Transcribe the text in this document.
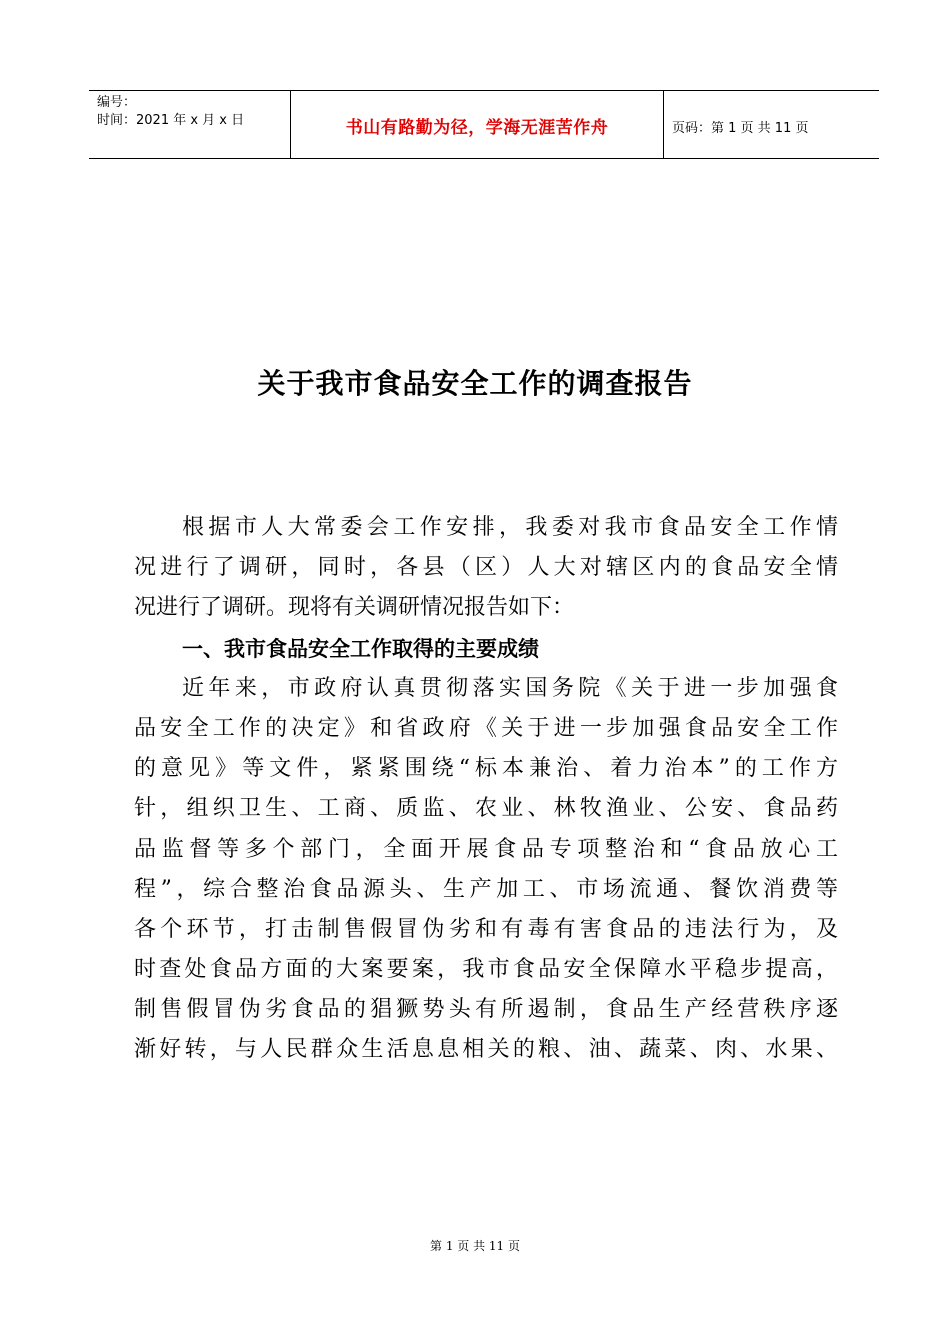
编号：
时间：2021 年 x 月 x 日	书山有路勤为径，学海无涯苦作舟	页码：第 1 页 共 11 页
关于我市食品安全工作的调查报告
根据市人大常委会工作安排，我委对我市食品安全工作情
况进行了调研，同时，各县（区）人大对辖区内的食品安全情
况进行了调研。现将有关调研情况报告如下：
一、我市食品安全工作取得的主要成绩
近年来，市政府认真贯彻落实国务院《关于进一步加强食
品安全工作的决定》和省政府《关于进一步加强食品安全工作
的意见》等文件，紧紧围绕“标本兼治、着力治本”的工作方
针，组织卫生、工商、质监、农业、林牧渔业、公安、食品药
品监督等多个部门，全面开展食品专项整治和“食品放心工
程”，综合整治食品源头、生产加工、市场流通、餐饮消费等
各个环节，打击制售假冒伪劣和有毒有害食品的违法行为，及
时查处食品方面的大案要案，我市食品安全保障水平稳步提高，
制售假冒伪劣食品的猖獗势头有所遏制，食品生产经营秩序逐
渐好转，与人民群众生活息息相关的粮、油、蔬菜、肉、水果、
第 1 页 共 11 页
